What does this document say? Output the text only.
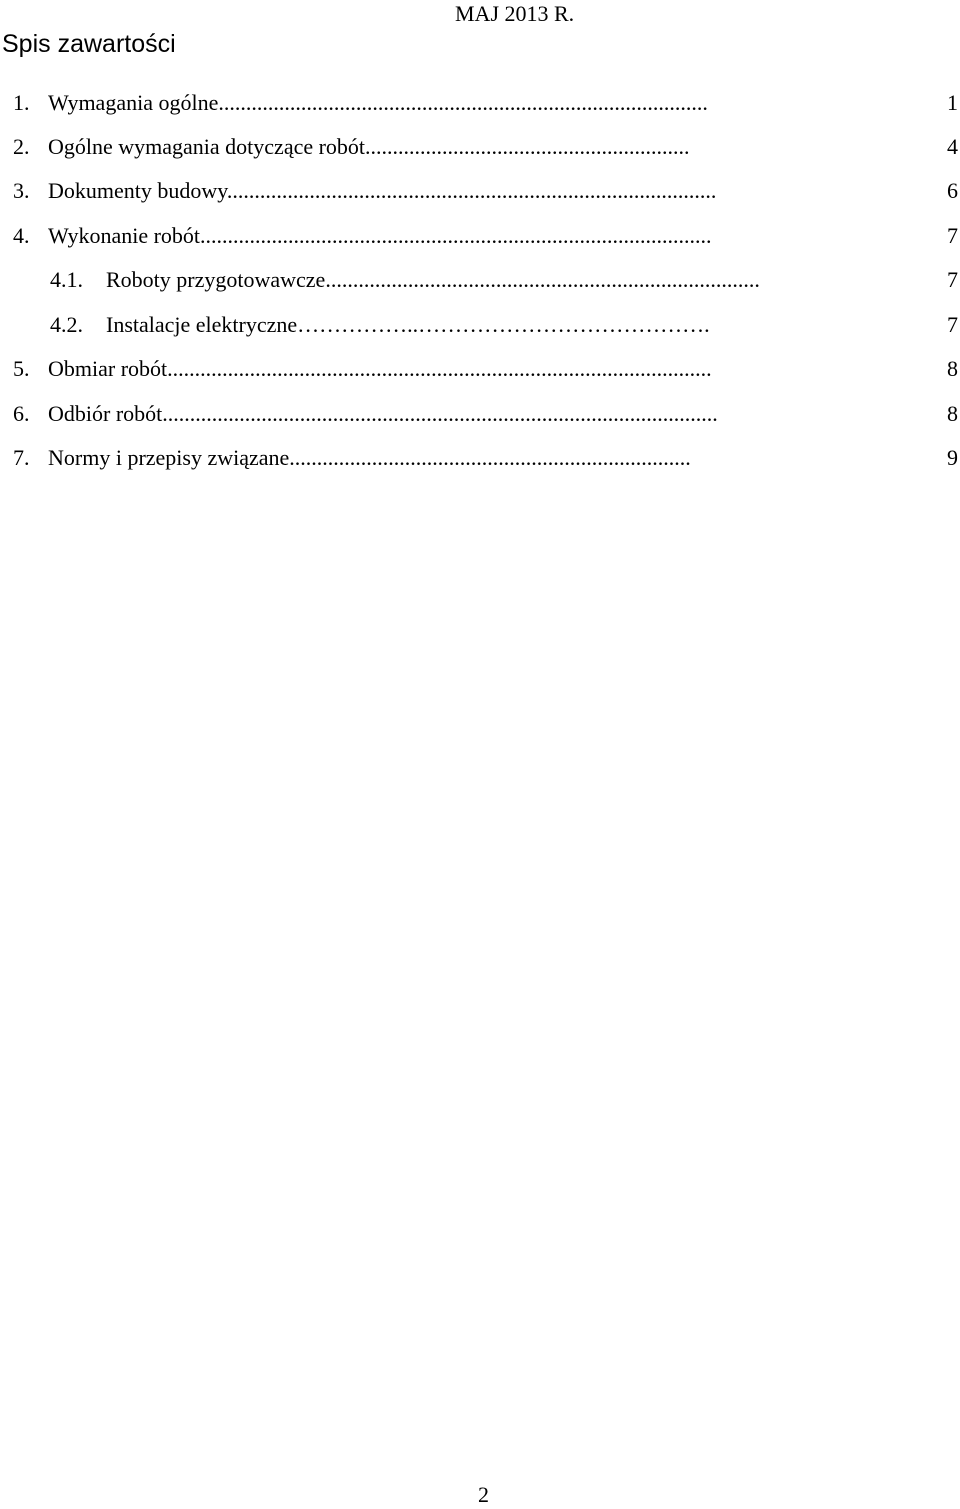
MAJ 2013 R.
Spis zawartości
1. Wymagania ogólne.........................................................................................	1
2. Ogólne wymagania dotyczące robót...........................................................	4
3. Dokumenty budowy.........................................................................................	6
4. Wykonanie robót.............................................................................................	7
4.1. Roboty przygotowawcze...............................................................................	7
4.2. Instalacje elektryczne……………..………………………………….	7
5. Obmiar robót...................................................................................................	8
6. Odbiór robót.....................................................................................................	8
7. Normy i przepisy związane.........................................................................	9
2
